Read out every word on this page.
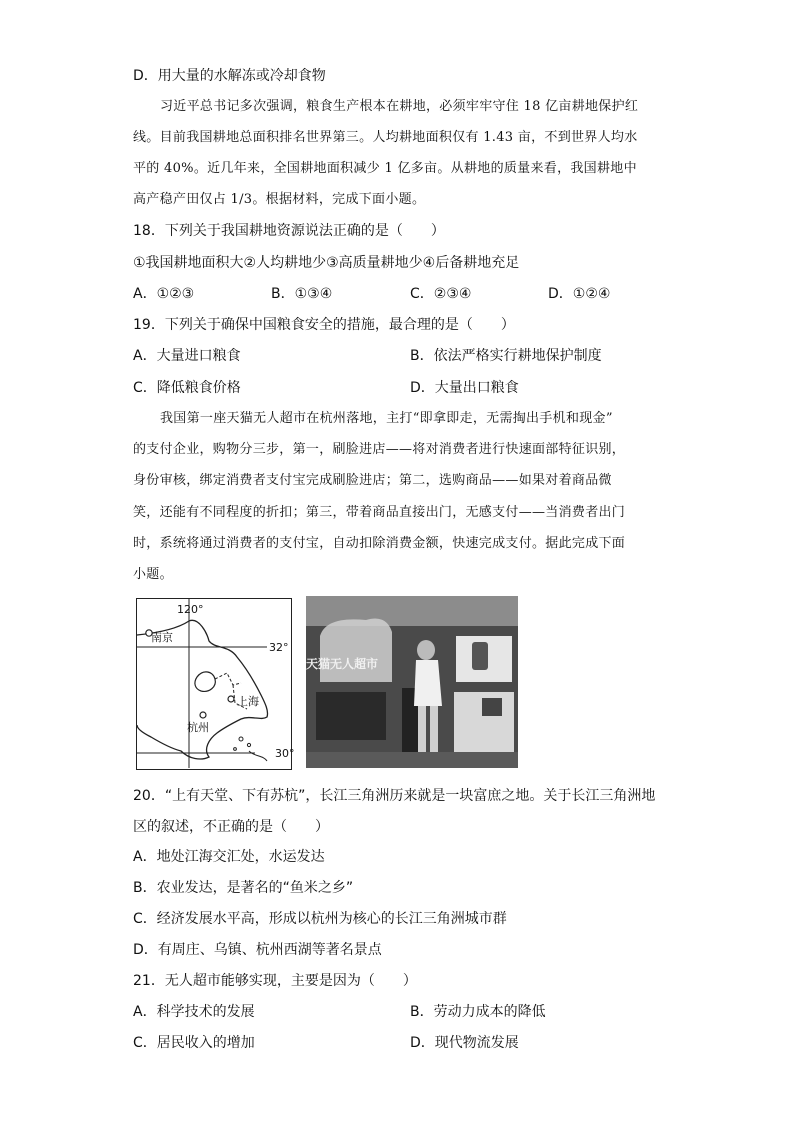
D．用大量的水解冻或冷却食物
习近平总书记多次强调，粮食生产根本在耕地，必须牢牢守住 18 亿亩耕地保护红
线。目前我国耕地总面积排名世界第三。人均耕地面积仅有 1.43 亩，不到世界人均水
平的 40%。近几年来，全国耕地面积减少 1 亿多亩。从耕地的质量来看，我国耕地中
高产稳产田仅占 1/3。根据材料，完成下面小题。
18．下列关于我国耕地资源说法正确的是（　　）
①我国耕地面积大②人均耕地少③高质量耕地少④后备耕地充足
A．①②③	B．①③④	C．②③④	D．①②④
19．下列关于确保中国粮食安全的措施，最合理的是（　　）
A．大量进口粮食	B．依法严格实行耕地保护制度
C．降低粮食价格	D．大量出口粮食
我国第一座天猫无人超市在杭州落地，主打“即拿即走，无需掏出手机和现金”
的支付企业，购物分三步，第一，刷脸进店——将对消费者进行快速面部特征识别，
身份审核，绑定消费者支付宝完成刷脸进店；第二，选购商品——如果对着商品微
笑，还能有不同程度的折扣；第三，带着商品直接出门，无感支付——当消费者出门
时，系统将通过消费者的支付宝，自动扣除消费金额，快速完成支付。据此完成下面
小题。
120°
32°
30°
南京
上海
杭州
天猫无人超市
20．“上有天堂、下有苏杭”，长江三角洲历来就是一块富庶之地。关于长江三角洲地
区的叙述，不正确的是（　　）
A．地处江海交汇处，水运发达
B．农业发达，是著名的“鱼米之乡”
C．经济发展水平高，形成以杭州为核心的长江三角洲城市群
D．有周庄、乌镇、杭州西湖等著名景点
21．无人超市能够实现，主要是因为（　　）
A．科学技术的发展	B．劳动力成本的降低
C．居民收入的增加	D．现代物流发展
